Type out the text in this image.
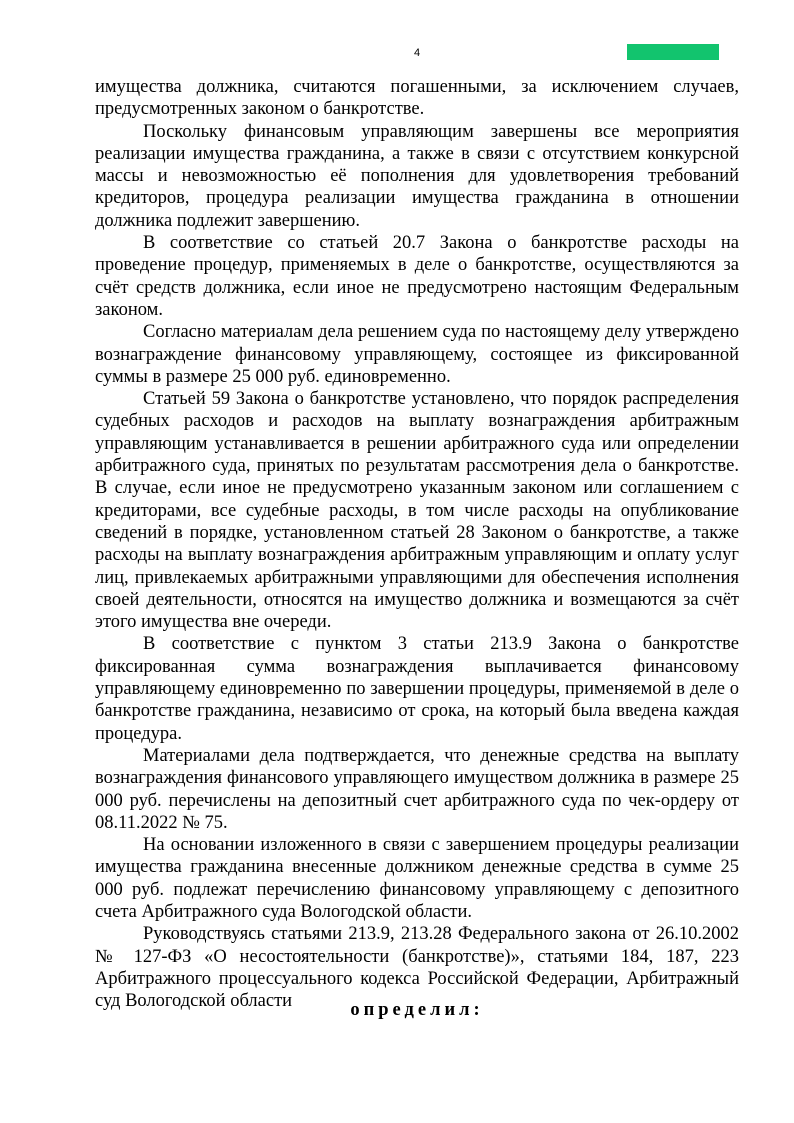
4

имущества должника, считаются погашенными, за исключением случаев, предусмотренных законом о банкротстве.

Поскольку финансовым управляющим завершены все мероприятия реализации имущества гражданина, а также в связи с отсутствием конкурсной массы и невозможностью её пополнения для удовлетворения требований кредиторов, процедура реализации имущества гражданина в отношении должника подлежит завершению.

В соответствие со статьей 20.7 Закона о банкротстве расходы на проведение процедур, применяемых в деле о банкротстве, осуществляются за счёт средств должника, если иное не предусмотрено настоящим Федеральным законом.

Согласно материалам дела решением суда по настоящему делу утверждено вознаграждение финансовому управляющему, состоящее из фиксированной суммы в размере 25 000 руб. единовременно.

Статьей 59 Закона о банкротстве установлено, что порядок распределения судебных расходов и расходов на выплату вознаграждения арбитражным управляющим устанавливается в решении арбитражного суда или определении арбитражного суда, принятых по результатам рассмотрения дела о банкротстве. В случае, если иное не предусмотрено указанным законом или соглашением с кредиторами, все судебные расходы, в том числе расходы на опубликование сведений в порядке, установленном статьей 28 Законом о банкротстве, а также расходы на выплату вознаграждения арбитражным управляющим и оплату услуг лиц, привлекаемых арбитражными управляющими для обеспечения исполнения своей деятельности, относятся на имущество должника и возмещаются за счёт этого имущества вне очереди.

В соответствие с пунктом 3 статьи 213.9 Закона о банкротстве фиксированная сумма вознаграждения выплачивается финансовому управляющему единовременно по завершении процедуры, применяемой в деле о банкротстве гражданина, независимо от срока, на который была введена каждая процедура.

Материалами дела подтверждается, что денежные средства на выплату вознаграждения финансового управляющего имуществом должника в размере 25 000 руб. перечислены на депозитный счет арбитражного суда по чек-ордеру от 08.11.2022 № 75.

На основании изложенного в связи с завершением процедуры реализации имущества гражданина внесенные должником денежные средства в сумме 25 000 руб. подлежат перечислению финансовому управляющему с депозитного счета Арбитражного суда Вологодской области.

Руководствуясь статьями 213.9, 213.28 Федерального закона от 26.10.2002 № 127-ФЗ «О несостоятельности (банкротстве)», статьями 184, 187, 223 Арбитражного процессуального кодекса Российской Федерации, Арбитражный суд Вологодской области	определил:
